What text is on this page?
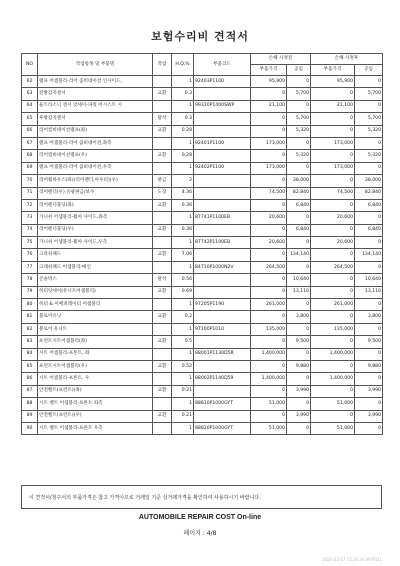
보험수리비 견적서
NO	작업항목 및 부품명	작업	H,Q,%	부품코드	손해 사정전		손해 사정후	
					부품가격	공임	부품가격	공임
62	램프 어셈블리-리어 콤비네이션 인사이드,		1	92403P1100	95,900	0	95,900	0
63	전방감지센서	교환	0.3		0	5,700	0	5,700
64	울트라소닉 센서 앗세이-파킹 어시스트 시		1	99310P1400SWP	21,100	0	21,100	0
65	후방감지센서	탈착	0.3		0	5,700	0	5,700
66	리어컴비네이션램프(좌)	교환	0.28		0	5,320	0	5,320
67	램프 어셈블리-리어 콤비네이션,좌측		1	92401P1100	173,000	0	173,000	0
68	리어컴비네이션램프(우)	교환	0.28		0	5,320	0	5,320
69	램프 어셈블리-리어 콤비네이션,우측		1	92402P1100	173,000	0	173,000	0
70	리어휠하우스(좌)(리어펜더,아우터)(우)	판금	2		0	38,000	0	38,000
71	리어펜더(우) 유광판금/보수	도장	4.36		74,500	82,840	74,500	82,840
72	리어펜더몰딩(좌)	교환	0.36		0	6,840	0	6,840
73	가니쉬 어셈블리-휠아 사이드,좌측		1	87741P1100EB	20,600	0	20,600	0
74	리어펜더몰딩(우)	교환	0.36		0	6,840	0	6,840
75	가니쉬 어셈블리-휠아 사이드,우측		1	87742P1100EB	20,600	0	20,600	0
76	크라쉬패드	교환	7.06		0	134,140	0	134,140
77	크래쉬패드 어셈블리-메인		1	84710P1000N2V	264,500	0	264,500	0
78	콘솔박스	탈착	0.56		0	10,640	0	10,640
79	히터앗세이(유니트어셈블리)	교환	0.69		0	13,110	0	13,110
80	히터 & 이배퍼레이터 어셈블리		1	97205P1190	261,000	0	261,000	0
81	블로어유닛	교환	0.2		0	3,800	0	3,800
82	블로어 유니트		1	97100P1010	135,000	0	135,000	0
83	프런트시트어셈블리(좌)	교환	0.5		0	9,500	0	9,500
84	시트 어셈블리-프론트, 좌		1	88001P1130D5R	1,400,000	0	1,400,000	0
85	프런트시트어셈블리(우)	교환	0.52		0	9,880	0	9,880
86	시트 어셈블리-프론트, 우		1	88002P1140D59	1,400,000	0	1,400,000	0
87	안전벨트(프런트)(좌)	교환	0.21		0	3,990	0	3,990
88	시트 벨트 어셈블리-프론트 좌측		1	88810P1000GYT	51,000	0	51,000	0
89	안전벨트(프런트)(우)	교환	0.21		0	3,990	0	3,990
90	시트 벨트 어셈블리-프론트 우측		1	88820P1000GYT	51,000	0	51,000	0
이 견적서/청구서의 부품가격은 참고 가격이므로 거래일 기준 실거래가격을 확인하여 사용하시기 바랍니다.
AUTOMOBILE REPAIR COST On-line
페이지 : 4/8
2024-02-17 15:26:36 #07021
